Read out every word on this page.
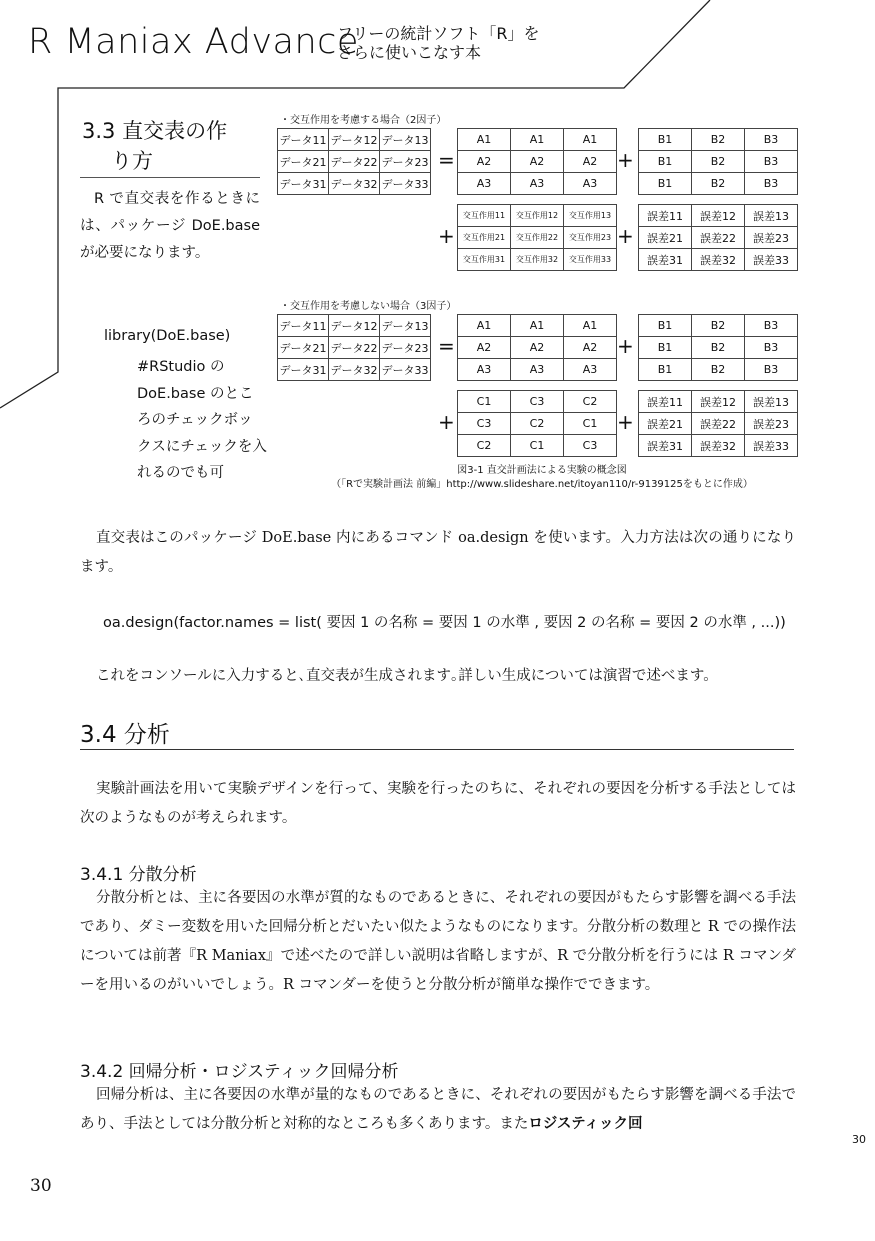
R Maniax Advance
フリーの統計ソフト「R」を
さらに使いこなす本
3.3 直交表の作
り方
R で直交表を作るときには、パッケージ DoE.base が必要になります。
library(DoE.base)
#RStudio の DoE.base のところのチェックボックスにチェックを入れるのでも可
・交互作用を考慮する場合（2因子）
・交互作用を考慮しない場合（3因子）
データ11	データ12	データ13
データ21	データ22	データ23
データ31	データ32	データ33
=
A1	A1	A1
A2	A2	A2
A3	A3	A3
+
B1	B2	B3
B1	B2	B3
B1	B2	B3
+
交互作用11	交互作用12	交互作用13
交互作用21	交互作用22	交互作用23
交互作用31	交互作用32	交互作用33
+
誤差11	誤差12	誤差13
誤差21	誤差22	誤差23
誤差31	誤差32	誤差33
データ11	データ12	データ13
データ21	データ22	データ23
データ31	データ32	データ33
=
A1	A1	A1
A2	A2	A2
A3	A3	A3
+
B1	B2	B3
B1	B2	B3
B1	B2	B3
+
C1	C3	C2
C3	C2	C1
C2	C1	C3
+
誤差11	誤差12	誤差13
誤差21	誤差22	誤差23
誤差31	誤差32	誤差33
図3-1 直交計画法による実験の概念図
（「Rで実験計画法 前編」http://www.slideshare.net/itoyan110/r-9139125をもとに作成）
直交表はこのパッケージ DoE.base 内にあるコマンド oa.design を使います。入力方法は次の通りになります。
oa.design(factor.names = list( 要因 1 の名称 = 要因 1 の水準 , 要因 2 の名称 = 要因 2 の水準 , ...))
これをコンソールに入力すると､直交表が生成されます｡詳しい生成については演習で述べます。
3.4 分析
実験計画法を用いて実験デザインを行って、実験を行ったのちに、それぞれの要因を分析する手法としては次のようなものが考えられます。
3.4.1 分散分析
分散分析とは、主に各要因の水準が質的なものであるときに、それぞれの要因がもたらす影響を調べる手法であり、ダミー変数を用いた回帰分析とだいたい似たようなものになります。分散分析の数理と R での操作法については前著『R Maniax』で述べたので詳しい説明は省略しますが、R で分散分析を行うには R コマンダーを用いるのがいいでしょう。R コマンダーを使うと分散分析が簡単な操作でできます。
3.4.2 回帰分析・ロジスティック回帰分析
回帰分析は、主に各要因の水準が量的なものであるときに、それぞれの要因がもたらす影響を調べる手法であり、手法としては分散分析と対称的なところも多くあります。またロジスティック回
30
30
